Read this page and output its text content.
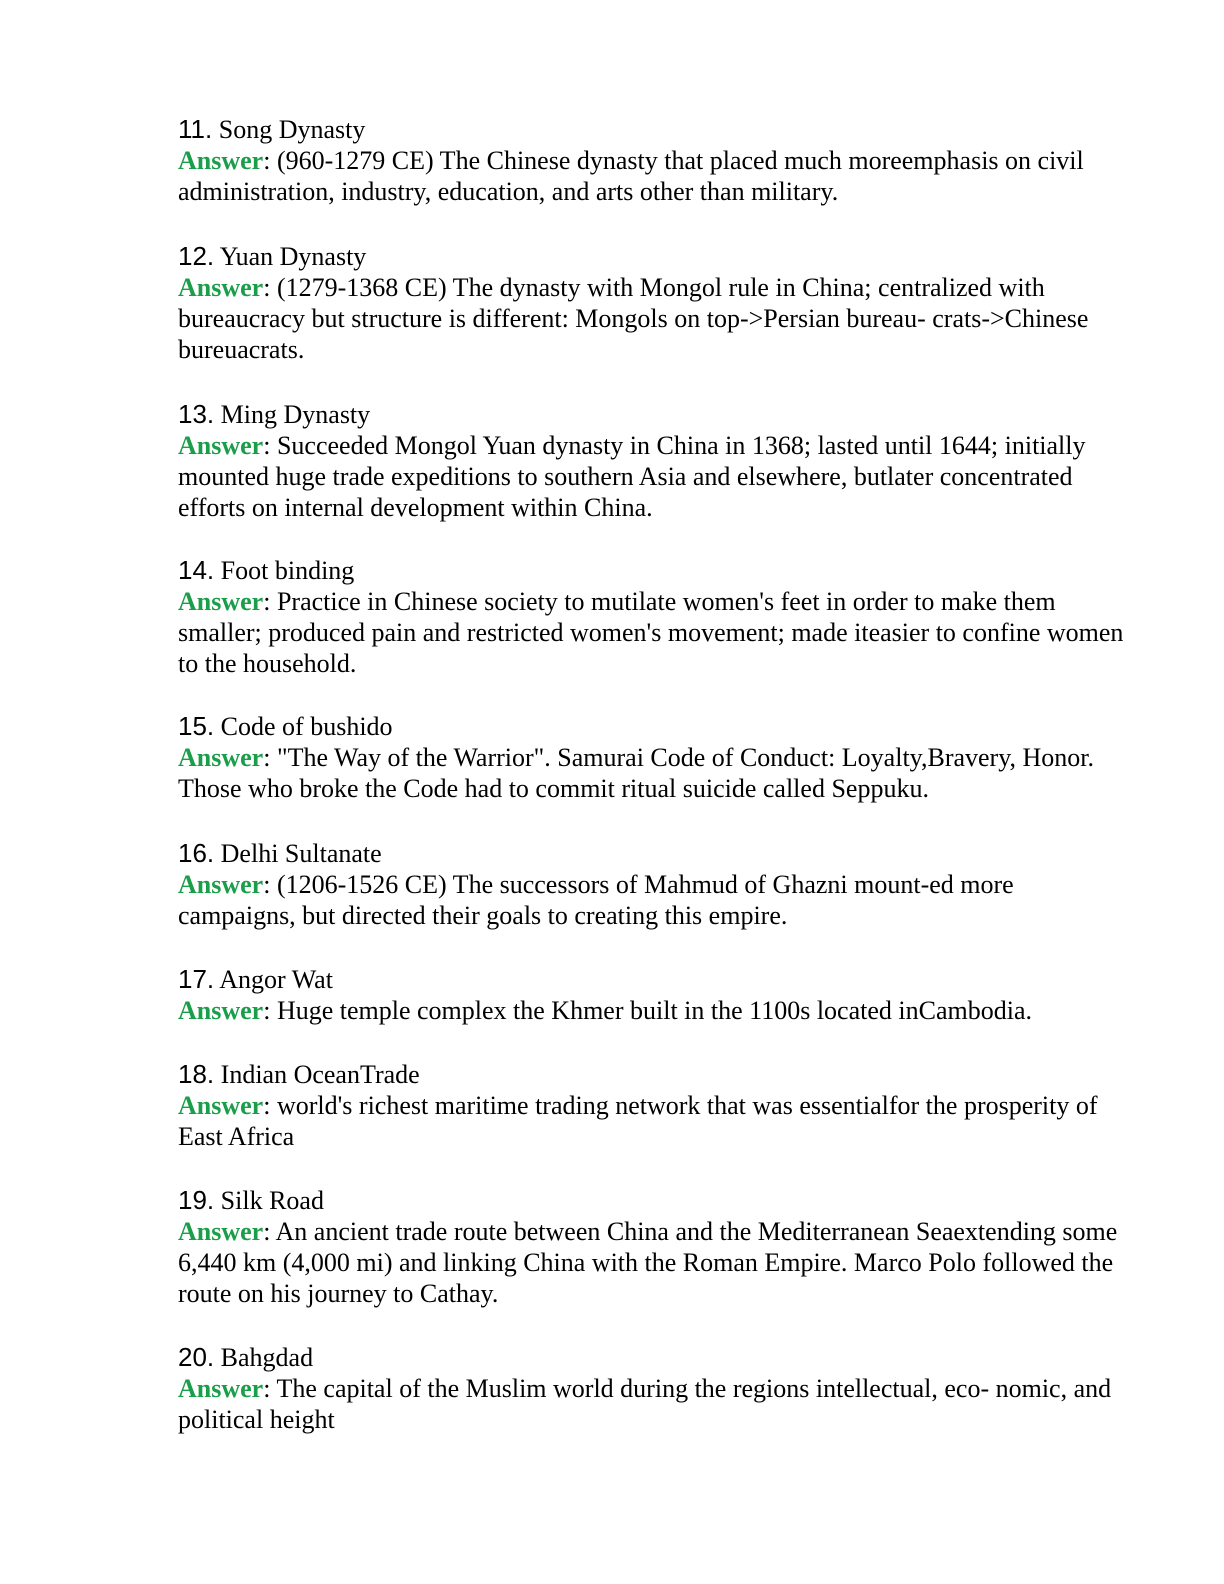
11. Song Dynasty
Answer: (960-1279 CE) The Chinese dynasty that placed much moreemphasis on civil administration, industry, education, and arts other than military.
12. Yuan Dynasty
Answer: (1279-1368 CE) The dynasty with Mongol rule in China; centralized with bureaucracy but structure is different: Mongols on top->Persian bureau- crats->Chinese bureuacrats.
13. Ming Dynasty
Answer: Succeeded Mongol Yuan dynasty in China in 1368; lasted until 1644; initially mounted huge trade expeditions to southern Asia and elsewhere, butlater concentrated efforts on internal development within China.
14. Foot binding
Answer: Practice in Chinese society to mutilate women's feet in order to make them smaller; produced pain and restricted women's movement; made iteasier to confine women to the household.
15. Code of bushido
Answer: "The Way of the Warrior". Samurai Code of Conduct: Loyalty,Bravery, Honor. Those who broke the Code had to commit ritual suicide called Seppuku.
16. Delhi Sultanate
Answer: (1206-1526 CE) The successors of Mahmud of Ghazni mount-ed more campaigns, but directed their goals to creating this empire.
17. Angor Wat
Answer: Huge temple complex the Khmer built in the 1100s located inCambodia.
18. Indian OceanTrade
Answer: world's richest maritime trading network that was essentialfor the prosperity of East Africa
19. Silk Road
Answer: An ancient trade route between China and the Mediterranean Seaextending some 6,440 km (4,000 mi) and linking China with the Roman Empire. Marco Polo followed the route on his journey to Cathay.
20. Bahgdad
Answer: The capital of the Muslim world during the regions intellectual, eco- nomic, and political height
